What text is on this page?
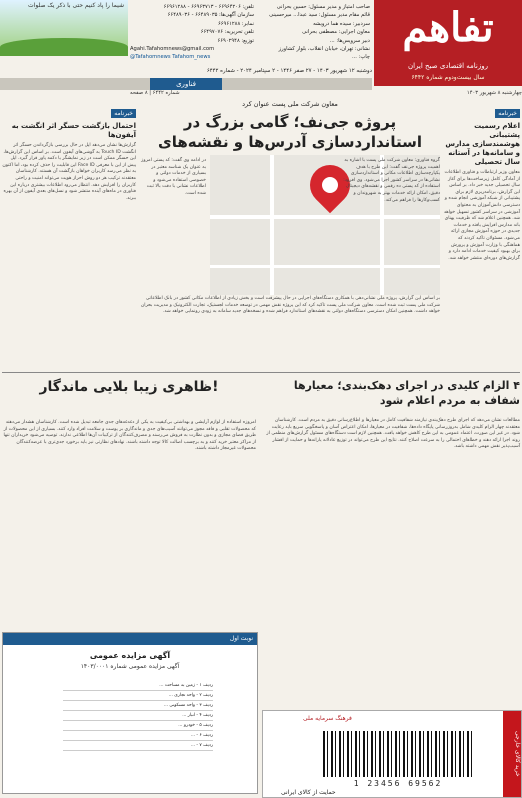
تفاهم
روزنامه اقتصادی صبح ایران
سال بیست‌ودوم شماره ۶۴۴۲
صاحب امتیاز و مدیر مسئول: حسین بحرانی
قائم مقام مدیر مسئول: سید عبدا... میرحسینی
سردبیر: سیده هما درویشه
معاون اجرایی: مصطفی بحرانی
دبیر سرویس‌ها: ...
نشانی: تهران، خیابان انقلاب، بلوار کشاورز
چاپ: ...
تلفن: ۶۶۹۶۴۲۰۶ - ۶۶۹۶۳۷۱۳ - ۶۶۹۶۱۲۸۸
سازمان آگهی‌ها: ۶۶۴۸۹۰۳۵ - ۶۶۴۸۹۰۳۶
نمابر: ۶۶۹۶۱۲۸۸
تلفن تحریریه: ۶۶۴۹۷۰۷۶
توزیع: ۶۶۹۰۲۹۴۸
Agahi.Tafahomnews@gmail.com
@Tafahomnews Tafahom_news
شیما را پاد کنیم حتی با ذکر یک صلوات
دوشنبه ۱۲ شهریور ۱۴۰۳ - ۲۷ صفر ۱۴۴۶ - ۲ سپتامبر ۲۰۲۴ - شماره ۶۴۴۲
فناوری
شماره ۶۴۴۲ | ۸ صفحه	چهارشنبه ۸ شهریور ۱۴۰۳
خبرنامه
اعلام رسمیت پشتیبانی هوشمندسازی مدارس و سامانه‌ها در آستانه سال تحصیلی
معاون وزیر ارتباطات و فناوری اطلاعات از آمادگی کامل زیرساخت‌ها برای آغاز سال تحصیلی جدید خبر داد. بر اساس این گزارش، برنامه‌ریزی لازم برای پشتیبانی از شبکه آموزشی انجام شده و دسترسی دانش‌آموزان به محتوای آموزشی در سراسر کشور تسهیل خواهد شد. همچنین اعلام شد که ظرفیت پهنای باند مدارس افزایش یافته و خدمات جدیدی در حوزه آموزش مجازی ارائه می‌شود. مسئولان تاکید کردند که هماهنگی با وزارت آموزش و پرورش برای بهبود کیفیت خدمات ادامه دارد و گزارش‌های دوره‌ای منتشر خواهد شد.
معاون شرکت ملی پست عنوان کرد
پروژه جی‌نف؛ گامی بزرگ در استانداردسازی آدرس‌ها و نقشه‌های
گروه فناوری: معاون شرکت ملی پست با اشاره به اهمیت پروژه جی‌نف گفت: این طرح با هدف یکپارچه‌سازی اطلاعات مکانی و استانداردسازی نشانی‌ها در سراسر کشور اجرا می‌شود. وی افزود: استفاده از کد پستی ده رقمی و نقشه‌های دیجیتال دقیق، امکان ارائه خدمات بهتر به شهروندان و کسب‌وکارها را فراهم می‌کند.
در ادامه وی گفت: کد پستی امروز به عنوان یک شناسه معتبر در بسیاری از خدمات دولتی و خصوصی استفاده می‌شود و اطلاعات نشانی با دقت بالا ثبت شده است.
بر اساس این گزارش، پروژه ملی نشانی‌دهی با همکاری دستگاه‌های اجرایی در حال پیشرفت است و بخش زیادی از اطلاعات مکانی کشور در بانک اطلاعاتی شرکت ملی پست ثبت شده است. معاون شرکت ملی پست تاکید کرد که این پروژه نقش مهمی در توسعه خدمات لجستیک، تجارت الکترونیک و مدیریت بحران خواهد داشت. همچنین امکان دسترسی دستگاه‌های دولتی به نقشه‌های استاندارد فراهم شده و نسخه‌های جدید سامانه به زودی رونمایی خواهد شد.
خبرنامه
احتمال بازگشت حسگر اثر انگشت به آیفون‌ها
گزارش‌ها نشان می‌دهد اپل در حال بررسی بازگرداندن حسگر اثر انگشت Touch ID به گوشی‌های آیفون است. بر اساس این گزارش‌ها، این حسگر ممکن است در زیر نمایشگر یا دکمه پاور قرار گیرد. اپل پیش از این با معرفی Face ID این قابلیت را حذف کرده بود، اما اکنون به نظر می‌رسد کاربران خواهان بازگشت آن هستند. کارشناسان معتقدند ترکیب هر دو روش احراز هویت می‌تواند امنیت و راحتی کاربران را افزایش دهد. انتظار می‌رود اطلاعات بیشتری درباره این فناوری در ماه‌های آینده منتشر شود و نسل‌های بعدی آیفون از آن بهره ببرند.
۴ الزام کلیدی در اجرای دهک‌بندی؛ معیارها شفاف به مردم اعلام شود
مطالعات نشان می‌دهد که اجرای طرح دهک‌بندی نیازمند شفافیت کامل در معیارها و اطلاع‌رسانی دقیق به مردم است. کارشناسان معتقدند چهار الزام کلیدی شامل به‌روزرسانی پایگاه داده‌ها، شفافیت در معیارها، امکان اعتراض آسان و پاسخگویی سریع باید رعایت شود. در غیر این صورت، اعتماد عمومی به این طرح کاهش خواهد یافت. همچنین لازم است دستگاه‌های مسئول گزارش‌های منظمی از روند اجرا ارائه دهند و خطاهای احتمالی را به سرعت اصلاح کنند. نتایج این طرح می‌تواند در توزیع عادلانه یارانه‌ها و حمایت از اقشار آسیب‌پذیر نقش مهمی داشته باشد.
ظاهری زیبا بلایی ماندگار!
امروزه استفاده از لوازم آرایشی و بهداشتی بی‌کیفیت به یکی از دغدغه‌های جدی جامعه تبدیل شده است. کارشناسان هشدار می‌دهند که محصولات تقلبی و فاقد مجوز می‌توانند آسیب‌های جدی و ماندگاری بر پوست و سلامت افراد وارد کنند. بسیاری از این محصولات از طریق فضای مجازی و بدون نظارت به فروش می‌رسند و مصرف‌کنندگان از ترکیبات آن‌ها اطلاعی ندارند. توصیه می‌شود خریداران تنها از مراکز معتبر خرید کنند و به برچسب اصالت کالا توجه داشته باشند. نهادهای نظارتی نیز باید برخورد جدی‌تری با عرضه‌کنندگان محصولات غیرمجاز داشته باشند.
نوبت اول
آگهی مزایده عمومی
آگهی مزایده عمومی شماره ۱۴۰۳/۰۰۰۱
ردیف ۱ - زمین به مساحت ...
ردیف ۲ - واحد تجاری ...
ردیف ۳ - واحد مسکونی ...
ردیف ۴ - انبار ...
ردیف ۵ - خودرو ...
ردیف ۶ - ...
ردیف ۷ - ...
فرهنگ سرمایه ملی
1 23456 69562
خرید کالای خارجی
حمایت از کالای ایرانی
